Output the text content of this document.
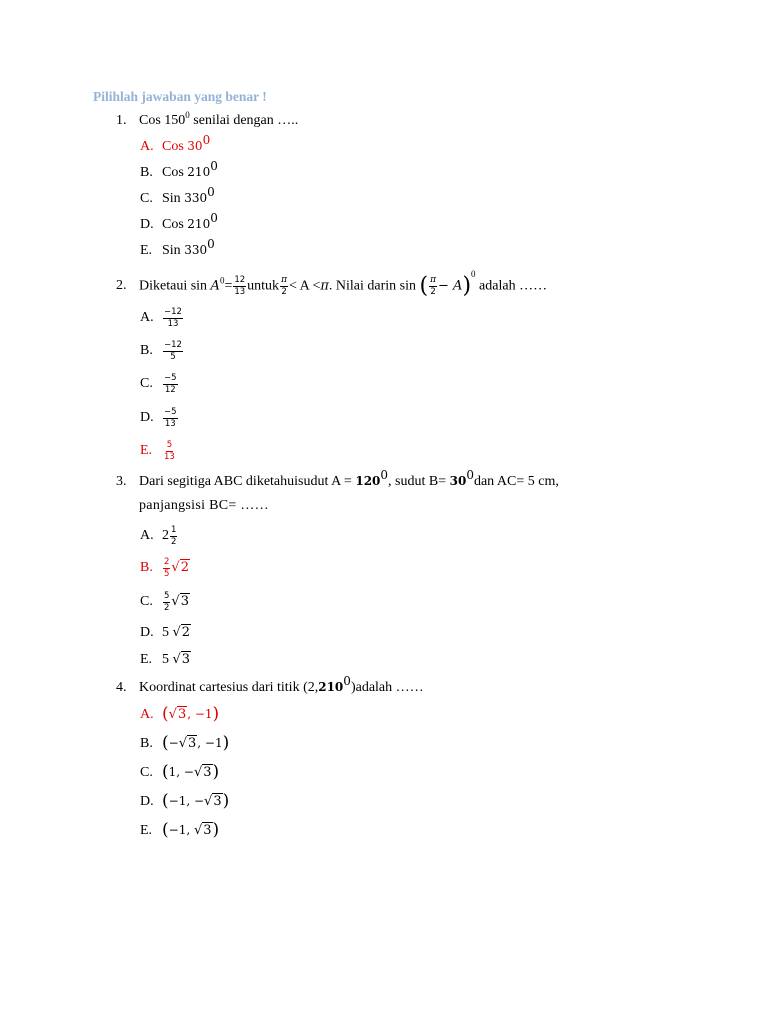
Pilihlah jawaban yang benar !
1. Cos $150^0$ senilai dengan …..
A. Cos $30^0$
B. Cos $210^0$
C. Sin $330^0$
D. Cos $210^0$
E. Sin $330^0$
2. Diketaui $\sin A^0= \frac{12}{13}$ untuk $\frac{\pi}{2} < A <\pi$. Nilai darin sin ( $\frac{\pi}{2} - A)^0$ adalah ……
A. $\frac{-12}{13}$
B. $\frac{-12}{5}$
C. $\frac{-5}{12}$
D. $\frac{-5}{13}$
E. $\frac{5}{13}$
3. Dari segitiga ABC diketahuisudut $A = 120^0$, sudut $B= 30^0dan$ AC= 5 cm,
panjangsisi BC= ……
A. $2 \frac{1}{2}$
B. $\frac{2}{5} √2$
C. $\frac{5}{2} √3$
D. 5 √2
E. 5 √3
4. Koordinat cartesius dari titik (2,210$^0$)adalah ……
A. (√3, −1)
B. (−√3, −1)
C. (1, −√3)
D. (−1, −√3)
E. (−1, √3)
